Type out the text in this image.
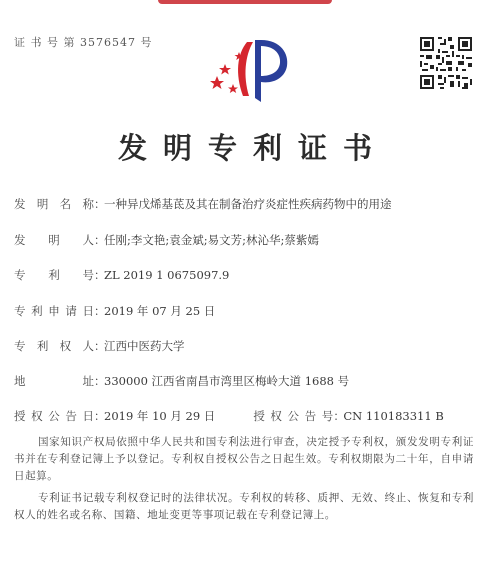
证 书 号 第 3576547 号
发明专利证书
发明名称 ：
一种异戊烯基茋及其在制备治疗炎症性疾病药物中的用途
发明人 ：
任刚;李文艳;袁金斌;易文芳;林沁华;蔡紫嫣
专利号 ：
ZL 2019 1 0675097.9
专利申请日 ：
2019 年 07 月 25 日
专利权人 ：
江西中医药大学
地址 ：
330000 江西省南昌市湾里区梅岭大道 1688 号
授权公告日 ：
2019 年 10 月 29 日	授权公告号 ：
CN 110183311 B
国家知识产权局依照中华人民共和国专利法进行审查，决定授予专利权，颁发发明专利证书并在专利登记簿上予以登记。专利权自授权公告之日起生效。专利权期限为二十年，自申请日起算。
专利证书记载专利权登记时的法律状况。专利权的转移、质押、无效、终止、恢复和专利权人的姓名或名称、国籍、地址变更等事项记载在专利登记簿上。
